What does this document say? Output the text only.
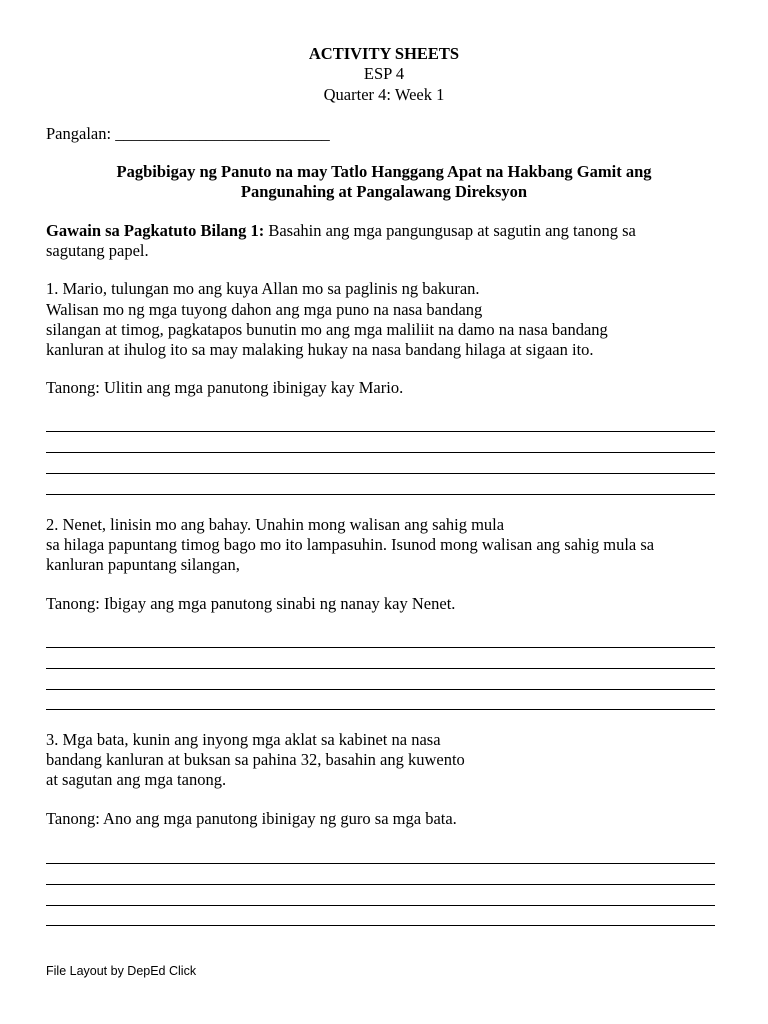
ACTIVITY SHEETS
ESP 4
Quarter 4: Week 1
Pangalan: __________________________
Pagbibigay ng Panuto na may Tatlo Hanggang Apat na Hakbang Gamit ang
Pangunahing at Pangalawang Direksyon
Gawain sa Pagkatuto Bilang 1: Basahin ang mga pangungusap at sagutin ang tanong sa
sagutang papel.
1. Mario, tulungan mo ang kuya Allan mo sa paglinis ng bakuran.
Walisan mo ng mga tuyong dahon ang mga puno na nasa bandang
silangan at timog, pagkatapos bunutin mo ang mga maliliit na damo na nasa bandang
kanluran at ihulog ito sa may malaking hukay na nasa bandang hilaga at sigaan ito.
Tanong: Ulitin ang mga panutong ibinigay kay Mario.
2. Nenet, linisin mo ang bahay. Unahin mong walisan ang sahig mula
sa hilaga papuntang timog bago mo ito lampasuhin. Isunod mong walisan ang sahig mula sa
kanluran papuntang silangan,
Tanong: Ibigay ang mga panutong sinabi ng nanay kay Nenet.
3. Mga bata, kunin ang inyong mga aklat sa kabinet na nasa
bandang kanluran at buksan sa pahina 32, basahin ang kuwento
at sagutan ang mga tanong.
Tanong: Ano ang mga panutong ibinigay ng guro sa mga bata.
File Layout by DepEd Click
